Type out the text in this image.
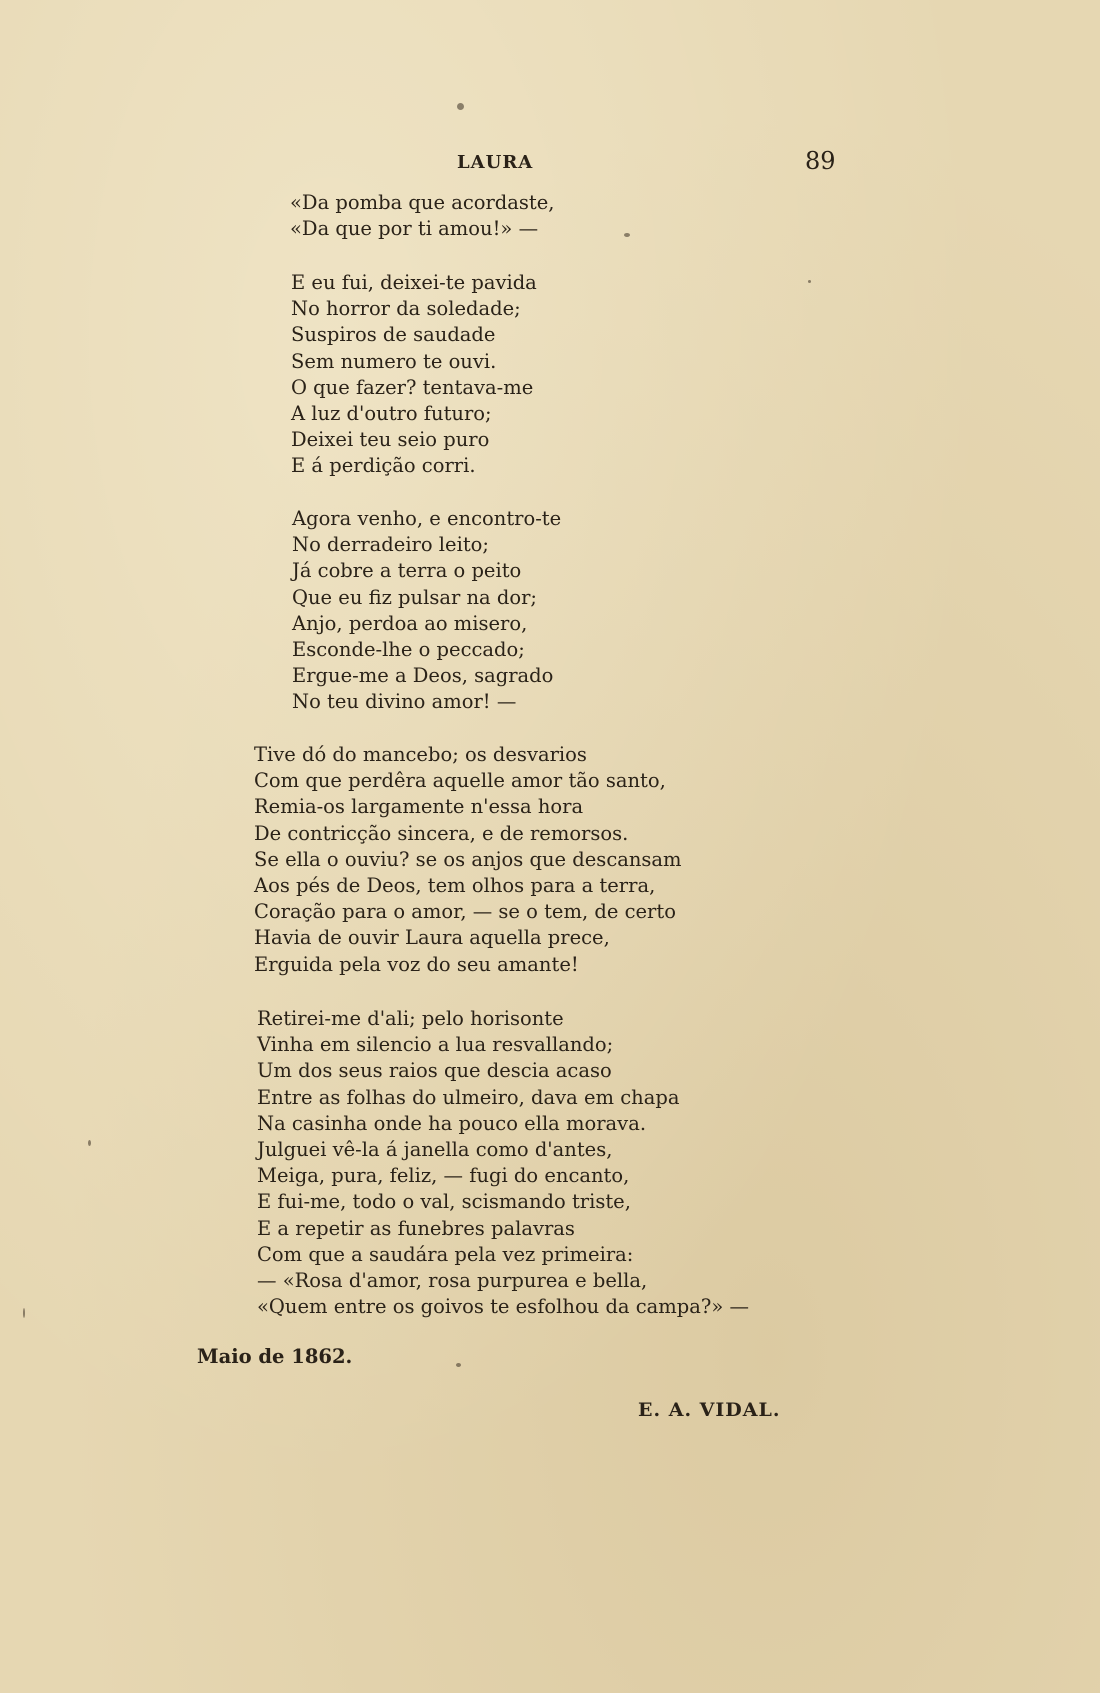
LAURA	89
«Da pomba que acordaste,
«Da que por ti amou!» —
E eu fui, deixei-te pavida
No horror da soledade;
Suspiros de saudade
Sem numero te ouvi.
O que fazer? tentava-me
A luz d'outro futuro;
Deixei teu seio puro
E á perdição corri.
Agora venho, e encontro-te
No derradeiro leito;
Já cobre a terra o peito
Que eu fiz pulsar na dor;
Anjo, perdoa ao misero,
Esconde-lhe o peccado;
Ergue-me a Deos, sagrado
No teu divino amor! —
Tive dó do mancebo; os desvarios
Com que perdêra aquelle amor tão santo,
Remia-os largamente n'essa hora
De contricção sincera, e de remorsos.
Se ella o ouviu? se os anjos que descansam
Aos pés de Deos, tem olhos para a terra,
Coração para o amor, — se o tem, de certo
Havia de ouvir Laura aquella prece,
Erguida pela voz do seu amante!
Retirei-me d'ali; pelo horisonte
Vinha em silencio a lua resvallando;
Um dos seus raios que descia acaso
Entre as folhas do ulmeiro, dava em chapa
Na casinha onde ha pouco ella morava.
Julguei vê-la á janella como d'antes,
Meiga, pura, feliz, — fugi do encanto,
E fui-me, todo o val, scismando triste,
E a repetir as funebres palavras
Com que a saudára pela vez primeira:
— «Rosa d'amor, rosa purpurea e bella,
«Quem entre os goivos te esfolhou da campa?» —
Maio de 1862.
E. A. VIDAL.
